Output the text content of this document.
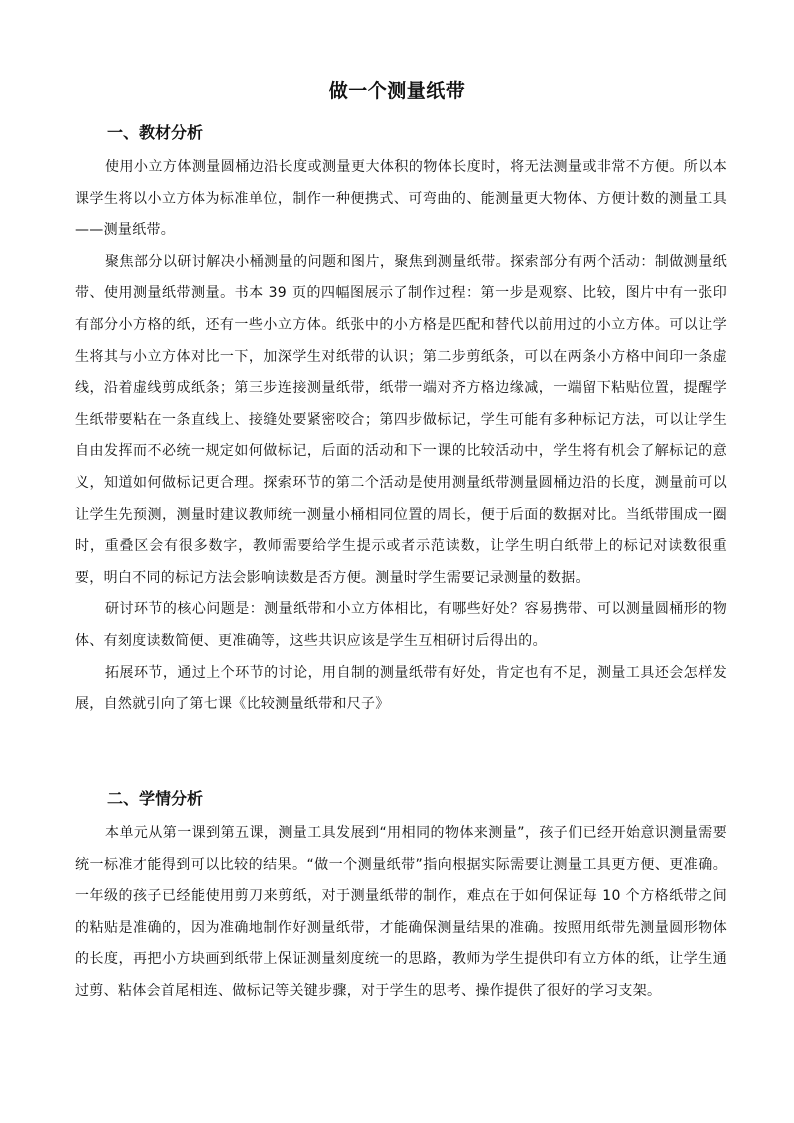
做一个测量纸带
一、教材分析

使用小立方体测量圆桶边沿长度或测量更大体积的物体长度时，将无法测量或非常不方便。所以本课学生将以小立方体为标准单位，制作一种便携式、可弯曲的、能测量更大物体、方便计数的测量工具——测量纸带。

聚焦部分以研讨解决小桶测量的问题和图片，聚焦到测量纸带。探索部分有两个活动：制做测量纸带、使用测量纸带测量。书本 39 页的四幅图展示了制作过程：第一步是观察、比较，图片中有一张印有部分小方格的纸，还有一些小立方体。纸张中的小方格是匹配和替代以前用过的小立方体。可以让学生将其与小立方体对比一下，加深学生对纸带的认识；第二步剪纸条，可以在两条小方格中间印一条虚线，沿着虚线剪成纸条；第三步连接测量纸带，纸带一端对齐方格边缘减，一端留下粘贴位置，提醒学生纸带要粘在一条直线上、接缝处要紧密咬合；第四步做标记，学生可能有多种标记方法，可以让学生自由发挥而不必统一规定如何做标记，后面的活动和下一课的比较活动中，学生将有机会了解标记的意义，知道如何做标记更合理。探索环节的第二个活动是使用测量纸带测量圆桶边沿的长度，测量前可以让学生先预测，测量时建议教师统一测量小桶相同位置的周长，便于后面的数据对比。当纸带围成一圈时，重叠区会有很多数字，教师需要给学生提示或者示范读数，让学生明白纸带上的标记对读数很重要，明白不同的标记方法会影响读数是否方便。测量时学生需要记录测量的数据。

研讨环节的核心问题是：测量纸带和小立方体相比，有哪些好处？容易携带、可以测量圆桶形的物体、有刻度读数简便、更准确等，这些共识应该是学生互相研讨后得出的。

拓展环节，通过上个环节的讨论，用自制的测量纸带有好处，肯定也有不足，测量工具还会怎样发展，自然就引向了第七课《比较测量纸带和尺子》

二、学情分析

本单元从第一课到第五课，测量工具发展到“用相同的物体来测量”，孩子们已经开始意识测量需要统一标准才能得到可以比较的结果。“做一个测量纸带”指向根据实际需要让测量工具更方便、更准确。一年级的孩子已经能使用剪刀来剪纸，对于测量纸带的制作，难点在于如何保证每 10 个方格纸带之间的粘贴是准确的，因为准确地制作好测量纸带，才能确保测量结果的准确。按照用纸带先测量圆形物体的长度，再把小方块画到纸带上保证测量刻度统一的思路，教师为学生提供印有立方体的纸，让学生通过剪、粘体会首尾相连、做标记等关键步骤，对于学生的思考、操作提供了很好的学习支架。
